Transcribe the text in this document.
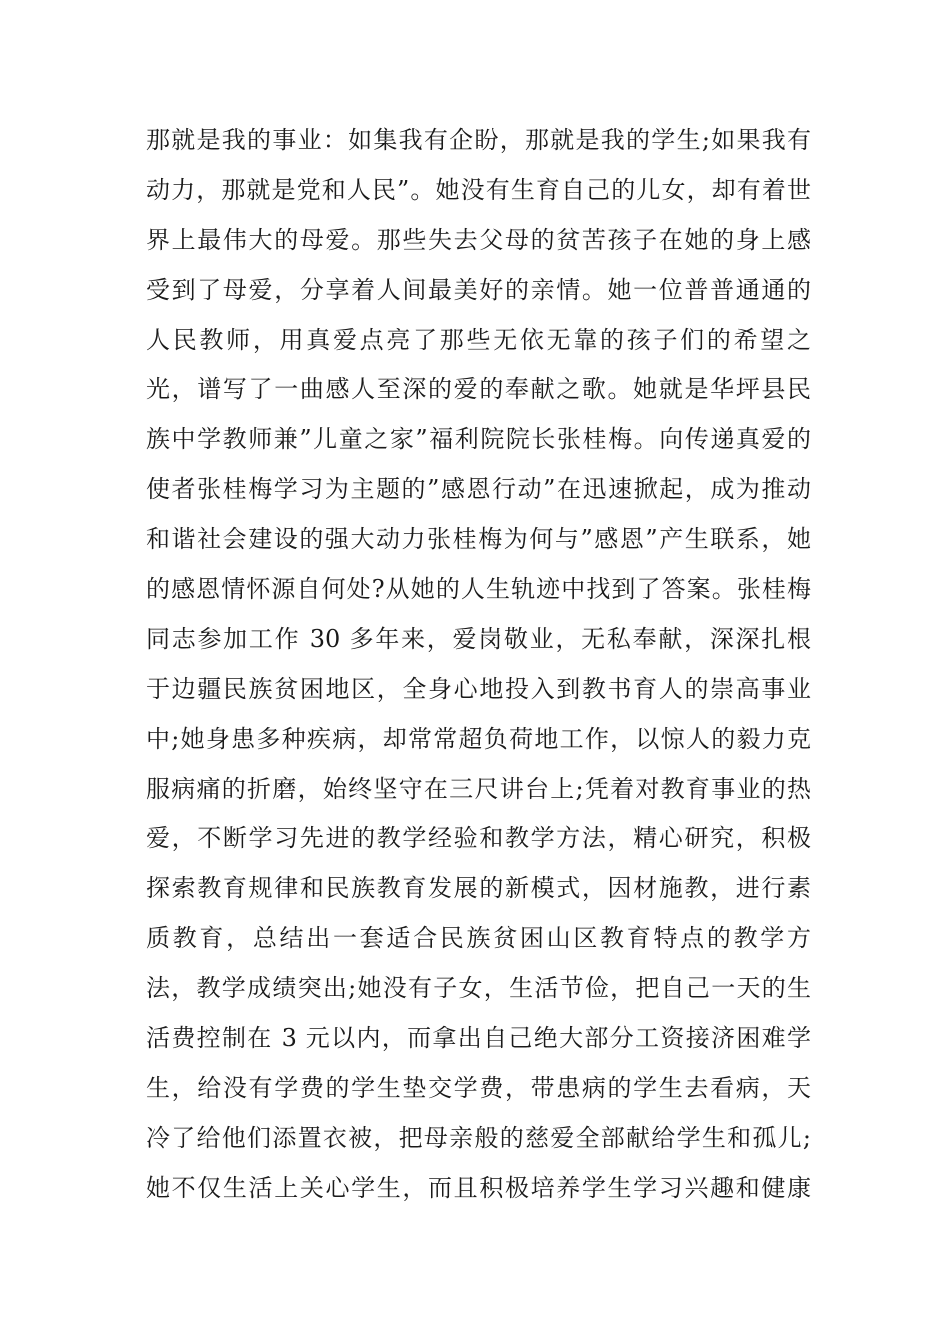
那就是我的事业：如集我有企盼，那就是我的学生;如果我有
动力，那就是党和人民”。她没有生育自己的儿女，却有着世
界上最伟大的母爱。那些失去父母的贫苦孩子在她的身上感
受到了母爱，分享着人间最美好的亲情。她一位普普通通的
人民教师，用真爱点亮了那些无依无靠的孩子们的希望之
光，谱写了一曲感人至深的爱的奉献之歌。她就是华坪县民
族中学教师兼”儿童之家”福利院院长张桂梅。向传递真爱的
使者张桂梅学习为主题的”感恩行动”在迅速掀起，成为推动
和谐社会建设的强大动力张桂梅为何与”感恩”产生联系，她
的感恩情怀源自何处?从她的人生轨迹中找到了答案。张桂梅
同志参加工作 30 多年来，爱岗敬业，无私奉献，深深扎根
于边疆民族贫困地区，全身心地投入到教书育人的崇高事业
中;她身患多种疾病，却常常超负荷地工作，以惊人的毅力克
服病痛的折磨，始终坚守在三尺讲台上;凭着对教育事业的热
爱，不断学习先进的教学经验和教学方法，精心研究，积极
探索教育规律和民族教育发展的新模式，因材施教，进行素
质教育，总结出一套适合民族贫困山区教育特点的教学方
法，教学成绩突出;她没有子女，生活节俭，把自己一天的生
活费控制在 3 元以内，而拿出自己绝大部分工资接济困难学
生，给没有学费的学生垫交学费，带患病的学生去看病，天
冷了给他们添置衣被，把母亲般的慈爱全部献给学生和孤儿;
她不仅生活上关心学生，而且积极培养学生学习兴趣和健康
